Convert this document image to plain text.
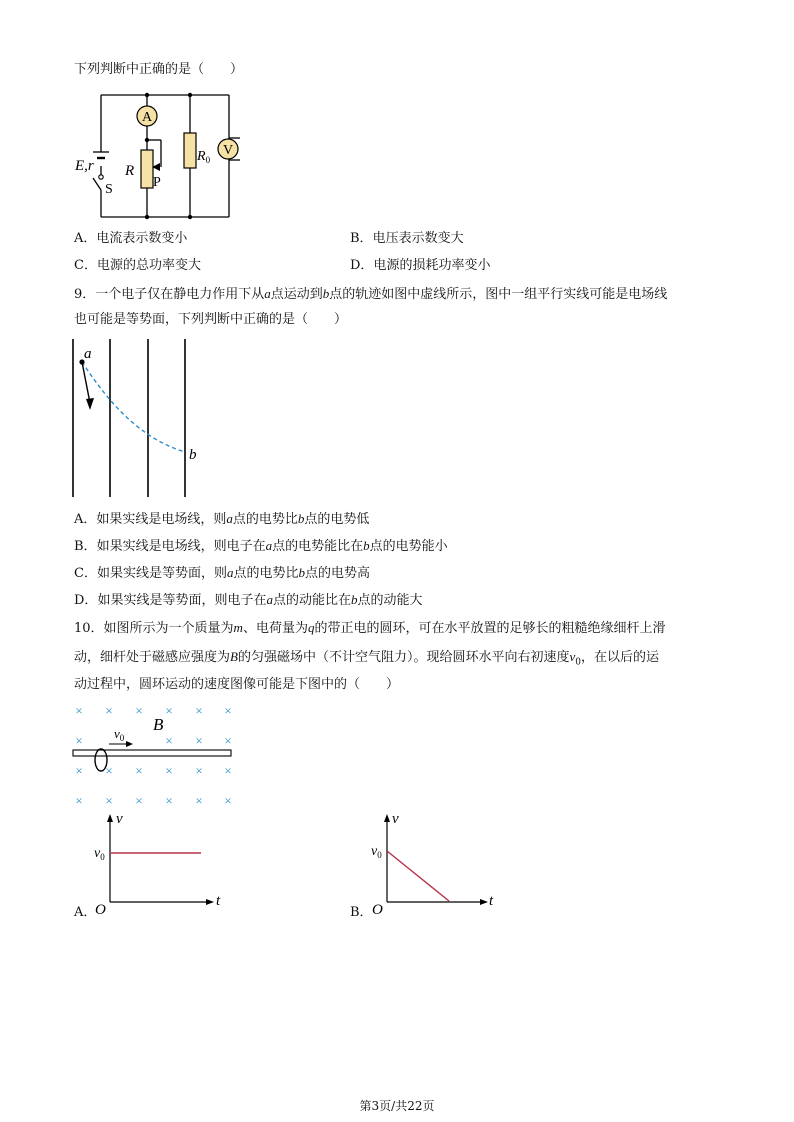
下列判断中正确的是（　　）
A
V
E,r
S
R
P
$R_0$
A．电流表示数变小	B．电压表示数变大
C．电源的总功率变大	D．电源的损耗功率变小
9．一个电子仅在静电力作用下从a点运动到b点的轨迹如图中虚线所示，图中一组平行实线可能是电场线
也可能是等势面，下列判断中正确的是（　　）
a
b
A．如果实线是电场线，则a点的电势比b点的电势低
B．如果实线是电场线，则电子在a点的电势能比在b点的电势能小
C．如果实线是等势面，则a点的电势比b点的电势高
D．如果实线是等势面，则电子在a点的动能比在b点的动能大
10．如图所示为一个质量为m、电荷量为q的带正电的圆环，可在水平放置的足够长的粗糙绝缘细杆上滑
动，细杆处于磁感应强度为B的匀强磁场中（不计空气阻力）。现给圆环水平向右初速度$v_0$，在以后的运
动过程中，圆环运动的速度图像可能是下图中的（　　）
× × × × × ×
×	× × ×
× × × × × ×
× × × × × ×
$v_0$
B
v
t
O
$v_0$
A．
v
t
O
$v_0$
B．
第3页/共22页
